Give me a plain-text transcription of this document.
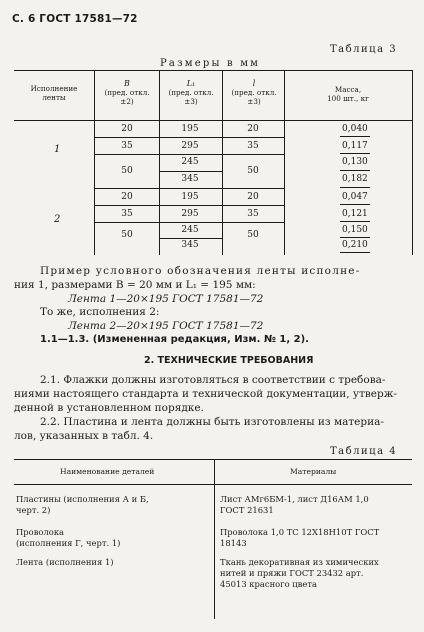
С. 6 ГОСТ 17581—72
Таблица 3
Размеры в мм
Исполнение
ленты
B
(пред. откл.
±2)
L₁
(пред. откл.
±3)
l
(пред. откл.
±3)
Масса,
100 шт., кг
1
2
20
35
50
20
35
50
195
295
245
345
195
295
245
345
20
35
50
20
35
50
0,040
0,117
0,130
0,182
0,047
0,121
0,150
0,210
Пример условного обозначения ленты исполне-
ния 1, размерами B = 20 мм и L₁ = 195 мм:
Лента 1—20×195 ГОСТ 17581—72
То же, исполнения 2:
Лента 2—20×195 ГОСТ 17581—72
1.1—1.3. (Измененная редакция, Изм. № 1, 2).
2. ТЕХНИЧЕСКИЕ ТРЕБОВАНИЯ
2.1. Флажки должны изготовляться в соответствии с требова-
ниями настоящего стандарта и технической документации, утверж-
денной в установленном порядке.
2.2. Пластина и лента должны быть изготовлены из материа-
лов, указанных в табл. 4.
Таблица 4
Наименование деталей	Материалы
Пластины (исполнения А и Б,
черт. 2)
Лист АМг6БМ-1, лист Д16АМ 1,0
ГОСТ 21631
Проволока
(исполнения Г, черт. 1)
Проволока 1,0 ТС 12Х18Н10Т ГОСТ
18143
Лента (исполнения 1)	Ткань декоративная из химических
нитей и пряжи ГОСТ 23432 арт.
45013 красного цвета
